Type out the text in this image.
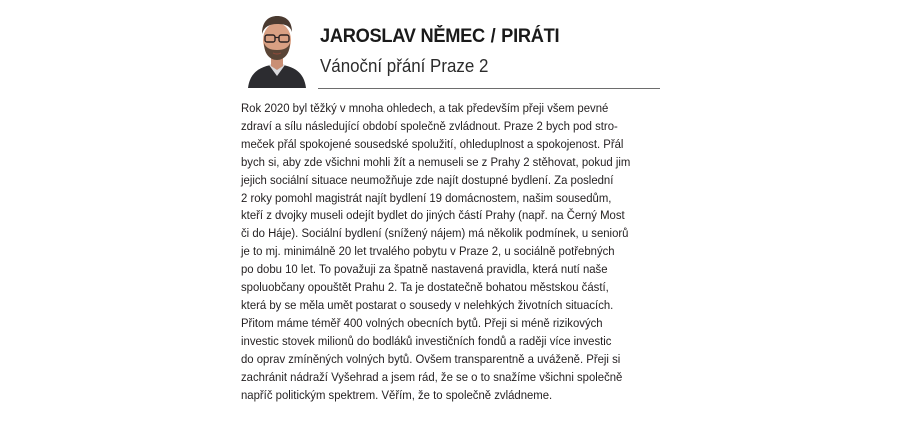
JAROSLAV NĚMEC / PIRÁTI
Vánoční přání Praze 2
Rok 2020 byl těžký v mnoha ohledech, a tak především přeji všem pevné
zdraví a sílu následující období společně zvládnout. Praze 2 bych pod stro-
meček přál spokojené sousedské spolužití, ohleduplnost a spokojenost. Přál
bych si, aby zde všichni mohli žít a nemuseli se z Prahy 2 stěhovat, pokud jim
jejich sociální situace neumožňuje zde najít dostupné bydlení. Za poslední
2 roky pomohl magistrát najít bydlení 19 domácnostem, našim sousedům,
kteří z dvojky museli odejít bydlet do jiných částí Prahy (např. na Černý Most
či do Háje). Sociální bydlení (snížený nájem) má několik podmínek, u seniorů
je to mj. minimálně 20 let trvalého pobytu v Praze 2, u sociálně potřebných
po dobu 10 let. To považuji za špatně nastavená pravidla, která nutí naše
spoluobčany opouštět Prahu 2. Ta je dostatečně bohatou městskou částí,
která by se měla umět postarat o sousedy v nelehkých životních situacích.
Přitom máme téměř 400 volných obecních bytů. Přeji si méně rizikových
investic stovek milionů do bodláků investičních fondů a raději více investic
do oprav zmíněných volných bytů. Ovšem transparentně a uváženě. Přeji si
zachránit nádraží Vyšehrad a jsem rád, že se o to snažíme všichni společně
napříč politickým spektrem. Věřím, že to společně zvládneme.
